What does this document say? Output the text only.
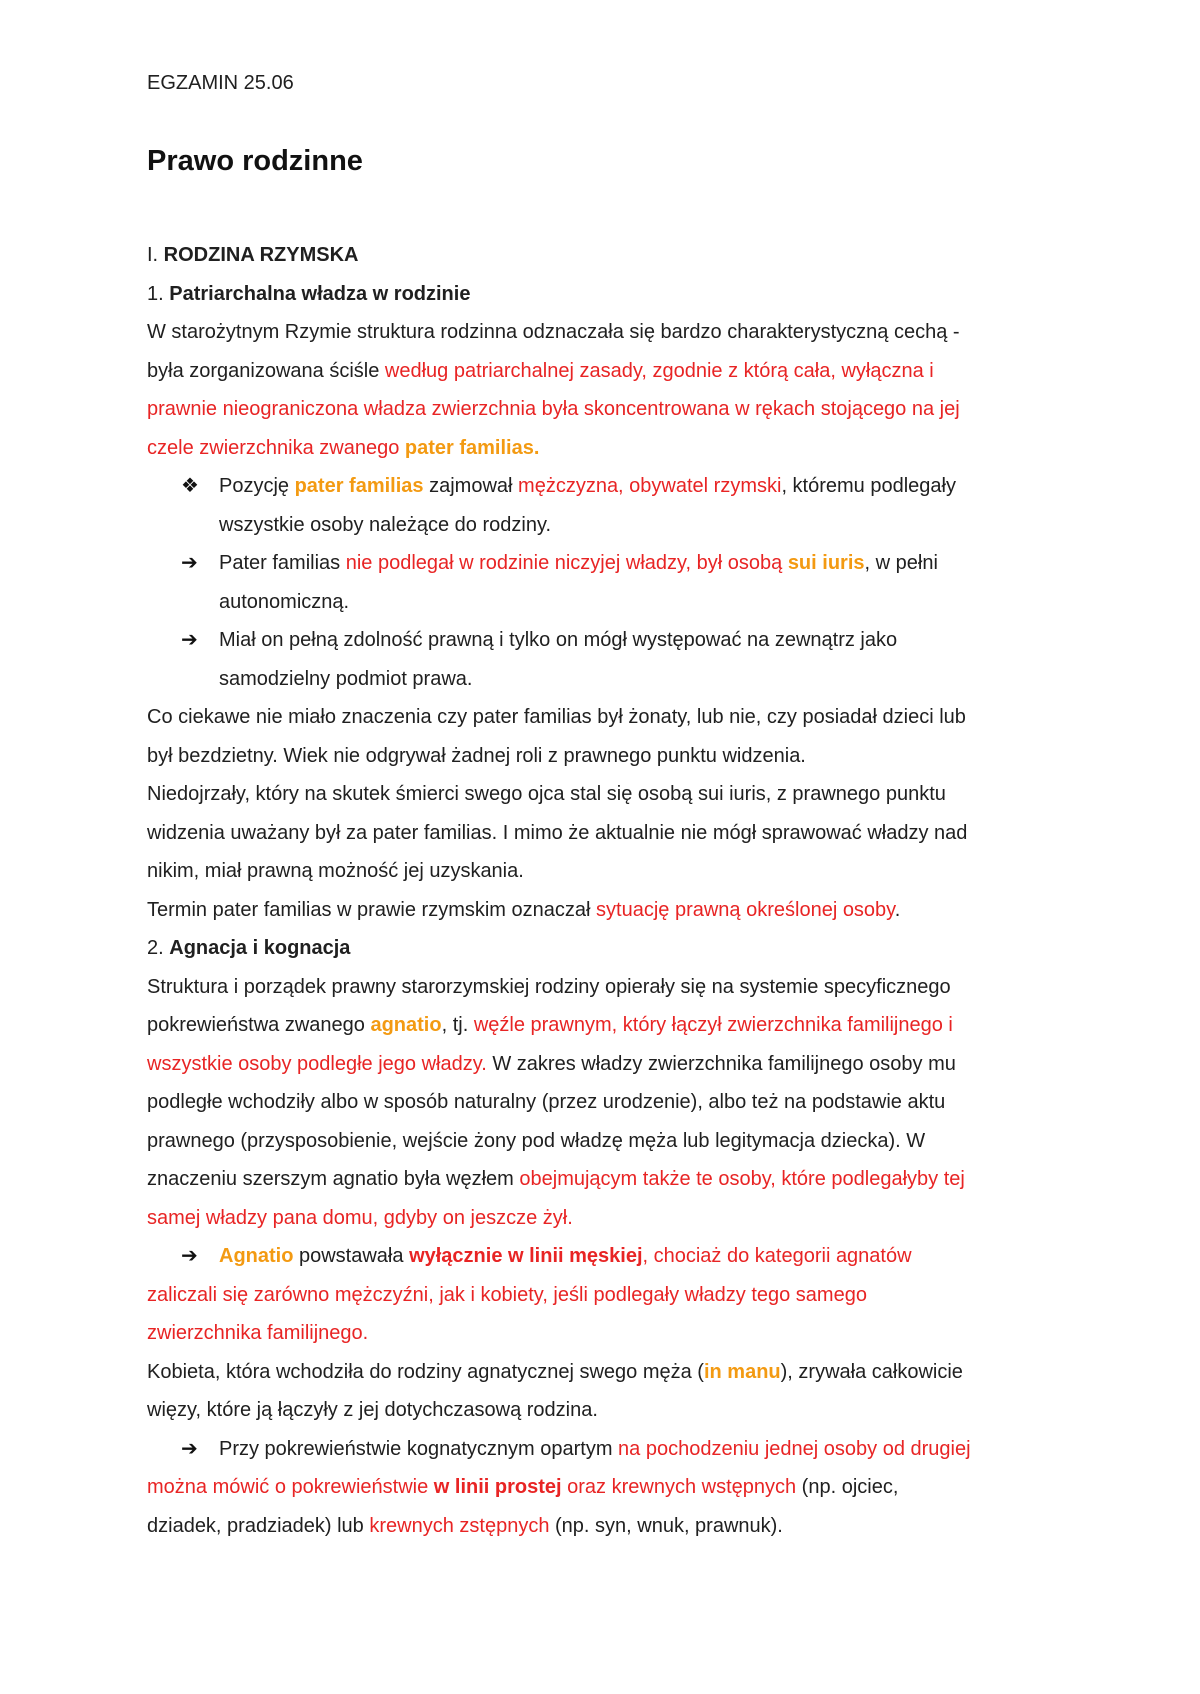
EGZAMIN 25.06
Prawo rodzinne
I. RODZINA RZYMSKA
1. Patriarchalna władza w rodzinie
W starożytnym Rzymie struktura rodzinna odznaczała się bardzo charakterystyczną cechą -
była zorganizowana ściśle według patriarchalnej zasady, zgodnie z którą cała, wyłączna i
prawnie nieograniczona władza zwierzchnia była skoncentrowana w rękach stojącego na jej
czele zwierzchnika zwanego pater familias.
❖ Pozycję pater familias zajmował mężczyzna, obywatel rzymski, któremu podlegały
wszystkie osoby należące do rodziny.
➔ Pater familias nie podlegał w rodzinie niczyjej władzy, był osobą sui iuris, w pełni
autonomiczną.
➔ Miał on pełną zdolność prawną i tylko on mógł występować na zewnątrz jako
samodzielny podmiot prawa.
Co ciekawe nie miało znaczenia czy pater familias był żonaty, lub nie, czy posiadał dzieci lub
był bezdzietny. Wiek nie odgrywał żadnej roli z prawnego punktu widzenia.
Niedojrzały, który na skutek śmierci swego ojca stal się osobą sui iuris, z prawnego punktu
widzenia uważany był za pater familias. I mimo że aktualnie nie mógł sprawować władzy nad
nikim, miał prawną możność jej uzyskania.
Termin pater familias w prawie rzymskim oznaczał sytuację prawną określonej osoby.
2. Agnacja i kognacja
Struktura i porządek prawny starorzymskiej rodziny opierały się na systemie specyficznego
pokrewieństwa zwanego agnatio, tj. węźle prawnym, który łączył zwierzchnika familijnego i
wszystkie osoby podległe jego władzy. W zakres władzy zwierzchnika familijnego osoby mu
podległe wchodziły albo w sposób naturalny (przez urodzenie), albo też na podstawie aktu
prawnego (przysposobienie, wejście żony pod władzę męża lub legitymacja dziecka). W
znaczeniu szerszym agnatio była węzłem obejmującym także te osoby, które podlegałyby tej
samej władzy pana domu, gdyby on jeszcze żył.
➔ Agnatio powstawała wyłącznie w linii męskiej, chociaż do kategorii agnatów
zaliczali się zarówno mężczyźni, jak i kobiety, jeśli podlegały władzy tego samego
zwierzchnika familijnego.
Kobieta, która wchodziła do rodziny agnatycznej swego męża (in manu), zrywała całkowicie
więzy, które ją łączyły z jej dotychczasową rodzina.
➔ Przy pokrewieństwie kognatycznym opartym na pochodzeniu jednej osoby od drugiej
można mówić o pokrewieństwie w linii prostej oraz krewnych wstępnych (np. ojciec,
dziadek, pradziadek) lub krewnych zstępnych (np. syn, wnuk, prawnuk).
